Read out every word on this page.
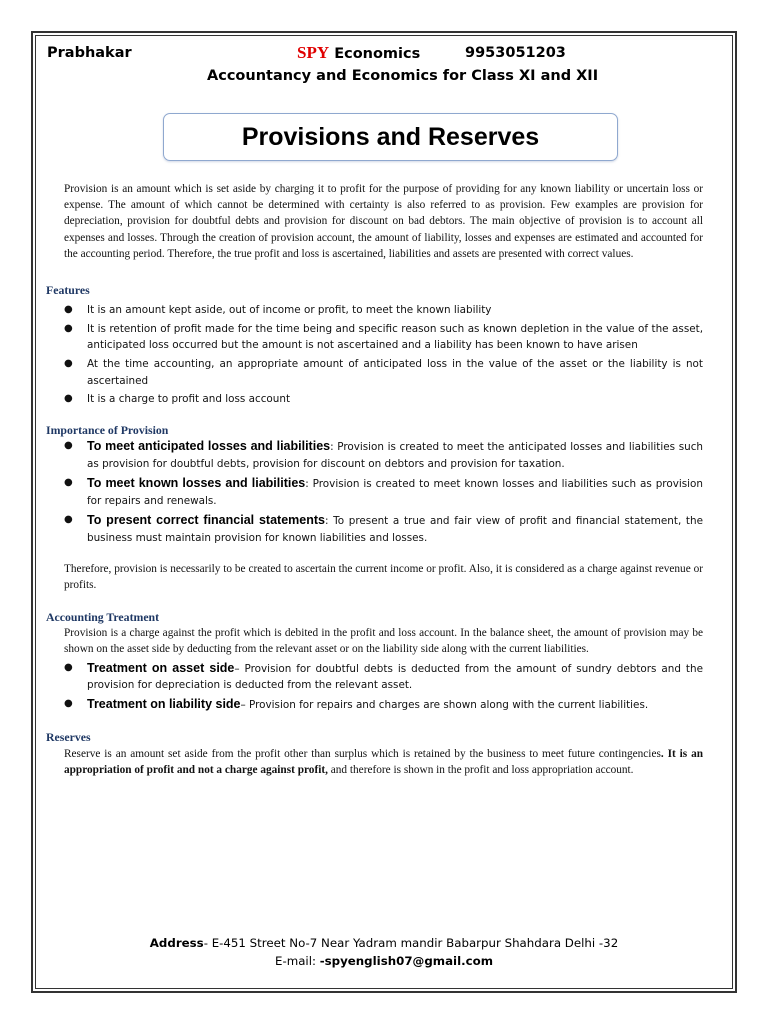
Prabhakar	SPY Economics	9953051203
Accountancy and Economics for Class XI and XII
Provisions and Reserves

Provision is an amount which is set aside by charging it to profit for the purpose of providing for any known liability or uncertain loss or expense. The amount of which cannot be determined with certainty is also referred to as provision. Few examples are provision for depreciation, provision for doubtful debts and provision for discount on bad debtors. The main objective of provision is to account all expenses and losses. Through the creation of provision account, the amount of liability, losses and expenses are estimated and accounted for the accounting period. Therefore, the true profit and loss is ascertained, liabilities and assets are presented with correct values.

Features
● It is an amount kept aside, out of income or profit, to meet the known liability
● It is retention of profit made for the time being and specific reason such as known depletion in the value of the asset, anticipated loss occurred but the amount is not ascertained and a liability has been known to have arisen
● At the time accounting, an appropriate amount of anticipated loss in the value of the asset or the liability is not ascertained
● It is a charge to profit and loss account
Importance of Provision
● To meet anticipated losses and liabilities: Provision is created to meet the anticipated losses and liabilities such as provision for doubtful debts, provision for discount on debtors and provision for taxation.
● To meet known losses and liabilities: Provision is created to meet known losses and liabilities such as provision for repairs and renewals.
● To present correct financial statements: To present a true and fair view of profit and financial statement, the business must maintain provision for known liabilities and losses.

Therefore, provision is necessarily to be created to ascertain the current income or profit. Also, it is considered as a charge against revenue or profits.

Accounting Treatment

Provision is a charge against the profit which is debited in the profit and loss account. In the balance sheet, the amount of provision may be shown on the asset side by deducting from the relevant asset or on the liability side along with the current liabilities.

● Treatment on asset side– Provision for doubtful debts is deducted from the amount of sundry debtors and the provision for depreciation is deducted from the relevant asset.
● Treatment on liability side– Provision for repairs and charges are shown along with the current liabilities.
Reserves

Reserve is an amount set aside from the profit other than surplus which is retained by the business to meet future contingencies. It is an appropriation of profit and not a charge against profit, and therefore is shown in the profit and loss appropriation account.

Address- E-451 Street No-7 Near Yadram mandir Babarpur Shahdara Delhi -32
E-mail: -spyenglish07@gmail.com
